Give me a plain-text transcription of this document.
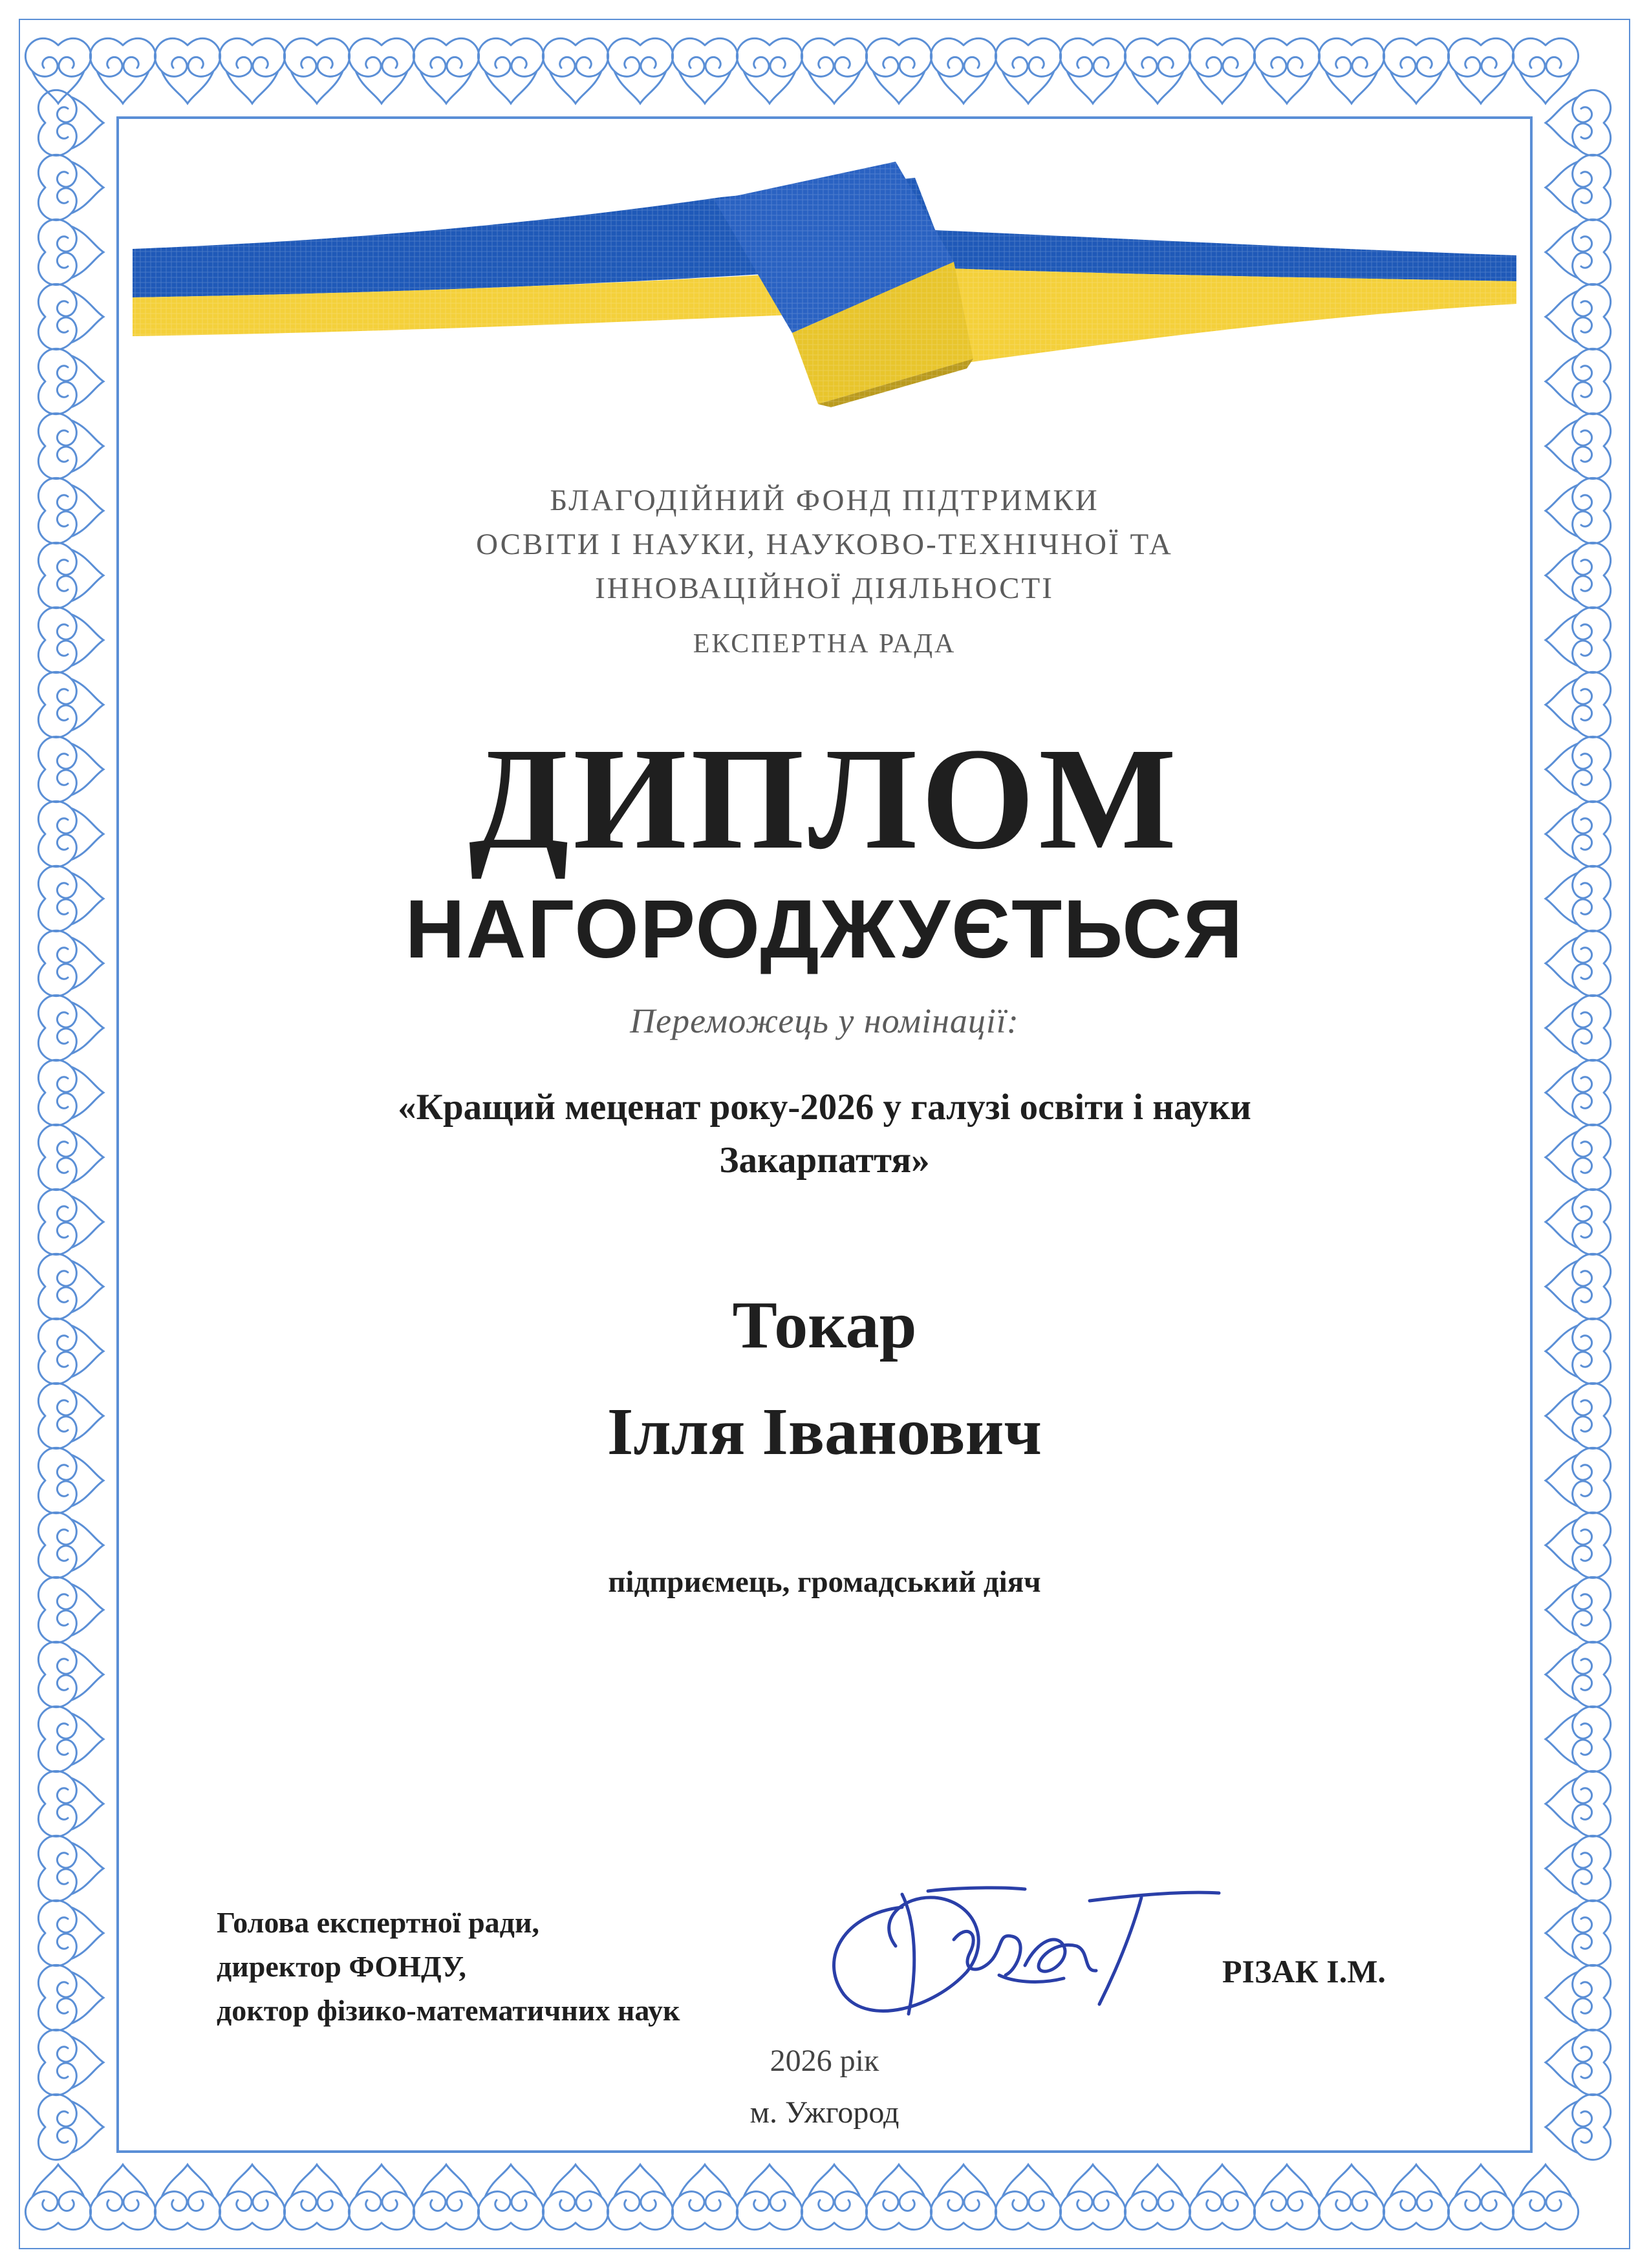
БЛАГОДІЙНИЙ ФОНД ПІДТРИМКИ
ОСВІТИ І НАУКИ, НАУКОВО-ТЕХНІЧНОЇ ТА
ІННОВАЦІЙНОЇ ДІЯЛЬНОСТІ
ЕКСПЕРТНА РАДА
ДИПЛОМ
НАГОРОДЖУЄТЬСЯ
Переможець у номінації:
«Кращий меценат року-2026 у галузі освіти і науки
Закарпаття»
Токар
Ілля Іванович
підприємець, громадський діяч
Голова експертної ради,
директор ФОНДУ,
доктор фізико-математичних наук
РІЗАК І.М.
2026 рік
м. Ужгород
